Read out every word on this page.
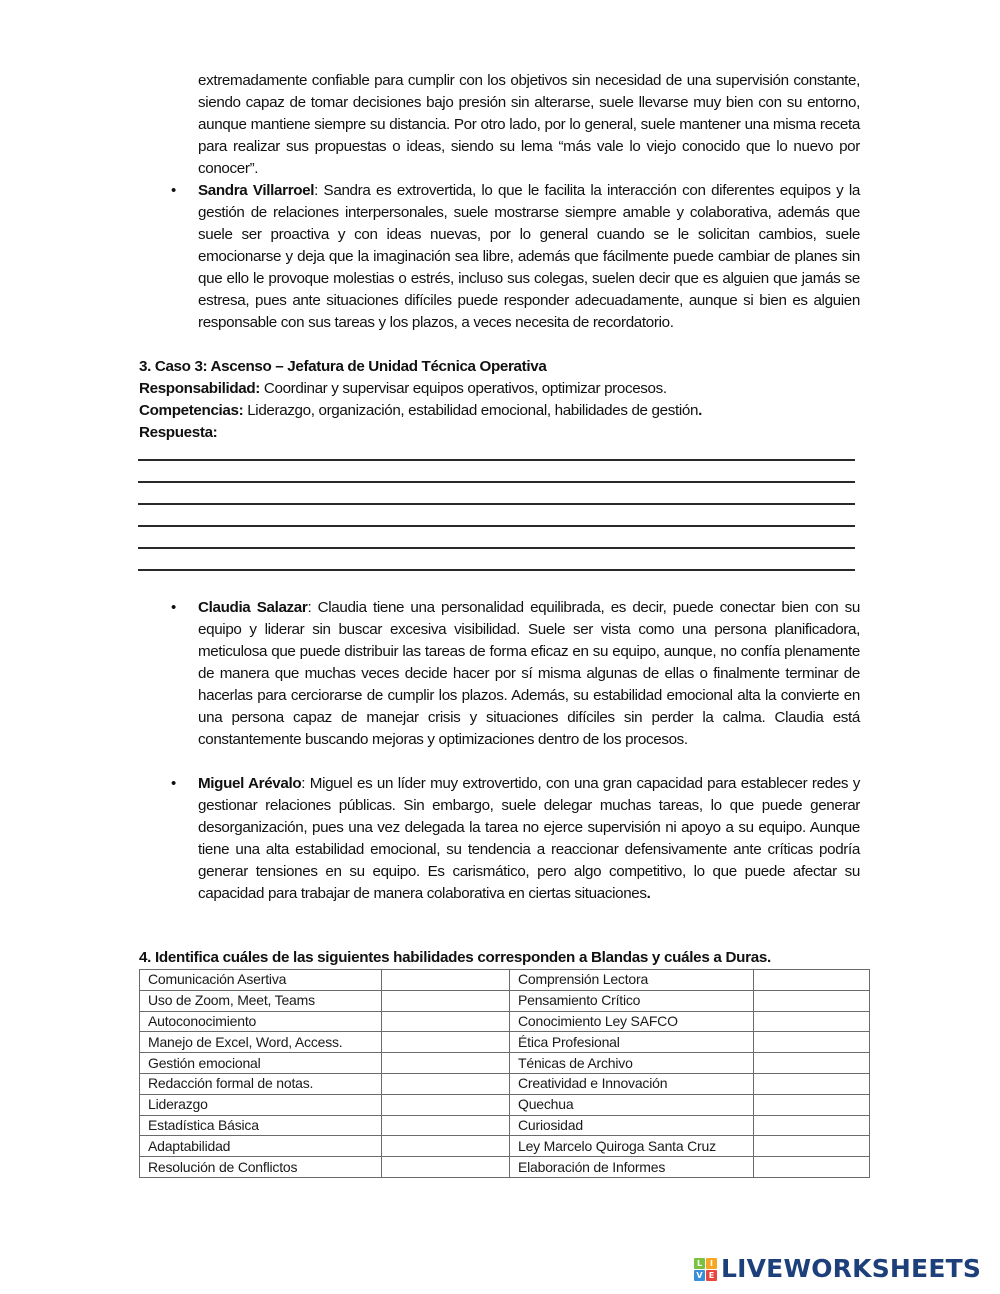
extremadamente confiable para cumplir con los objetivos sin necesidad de una supervisión constante, siendo capaz de tomar decisiones bajo presión sin alterarse, suele llevarse muy bien con su entorno, aunque mantiene siempre su distancia. Por otro lado, por lo general, suele mantener una misma receta para realizar sus propuestas o ideas, siendo su lema “más vale lo viejo conocido que lo nuevo por conocer”.
• Sandra Villarroel: Sandra es extrovertida, lo que le facilita la interacción con diferentes equipos y la gestión de relaciones interpersonales, suele mostrarse siempre amable y colaborativa, además que suele ser proactiva y con ideas nuevas, por lo general cuando se le solicitan cambios, suele emocionarse y deja que la imaginación sea libre, además que fácilmente puede cambiar de planes sin que ello le provoque molestias o estrés, incluso sus colegas, suelen decir que es alguien que jamás se estresa, pues ante situaciones difíciles puede responder adecuadamente, aunque si bien es alguien responsable con sus tareas y los plazos, a veces necesita de recordatorio.
3. Caso 3: Ascenso – Jefatura de Unidad Técnica Operativa
Responsabilidad: Coordinar y supervisar equipos operativos, optimizar procesos.
Competencias: Liderazgo, organización, estabilidad emocional, habilidades de gestión.
Respuesta:
• Claudia Salazar: Claudia tiene una personalidad equilibrada, es decir, puede conectar bien con su equipo y liderar sin buscar excesiva visibilidad. Suele ser vista como una persona planificadora, meticulosa que puede distribuir las tareas de forma eficaz en su equipo, aunque, no confía plenamente de manera que muchas veces decide hacer por sí misma algunas de ellas o finalmente terminar de hacerlas para cerciorarse de cumplir los plazos. Además, su estabilidad emocional alta la convierte en una persona capaz de manejar crisis y situaciones difíciles sin perder la calma. Claudia está constantemente buscando mejoras y optimizaciones dentro de los procesos.
• Miguel Arévalo: Miguel es un líder muy extrovertido, con una gran capacidad para establecer redes y gestionar relaciones públicas. Sin embargo, suele delegar muchas tareas, lo que puede generar desorganización, pues una vez delegada la tarea no ejerce supervisión ni apoyo a su equipo. Aunque tiene una alta estabilidad emocional, su tendencia a reaccionar defensivamente ante críticas podría generar tensiones en su equipo. Es carismático, pero algo competitivo, lo que puede afectar su capacidad para trabajar de manera colaborativa en ciertas situaciones.
4. Identifica cuáles de las siguientes habilidades corresponden a Blandas y cuáles a Duras.
Comunicación Asertiva		Comprensión Lectora	
Uso de Zoom, Meet, Teams		Pensamiento Crítico	
Autoconocimiento		Conocimiento Ley SAFCO	
Manejo de Excel, Word, Access.		Ética Profesional	
Gestión emocional		Ténicas de Archivo	
Redacción formal de notas.		Creatividad e Innovación	
Liderazgo		Quechua	
Estadística Básica		Curiosidad	
Adaptabilidad		Ley Marcelo Quiroga Santa Cruz	
Resolución de Conflictos		Elaboración de Informes	
L I
V E LIVEWORKSHEETS
